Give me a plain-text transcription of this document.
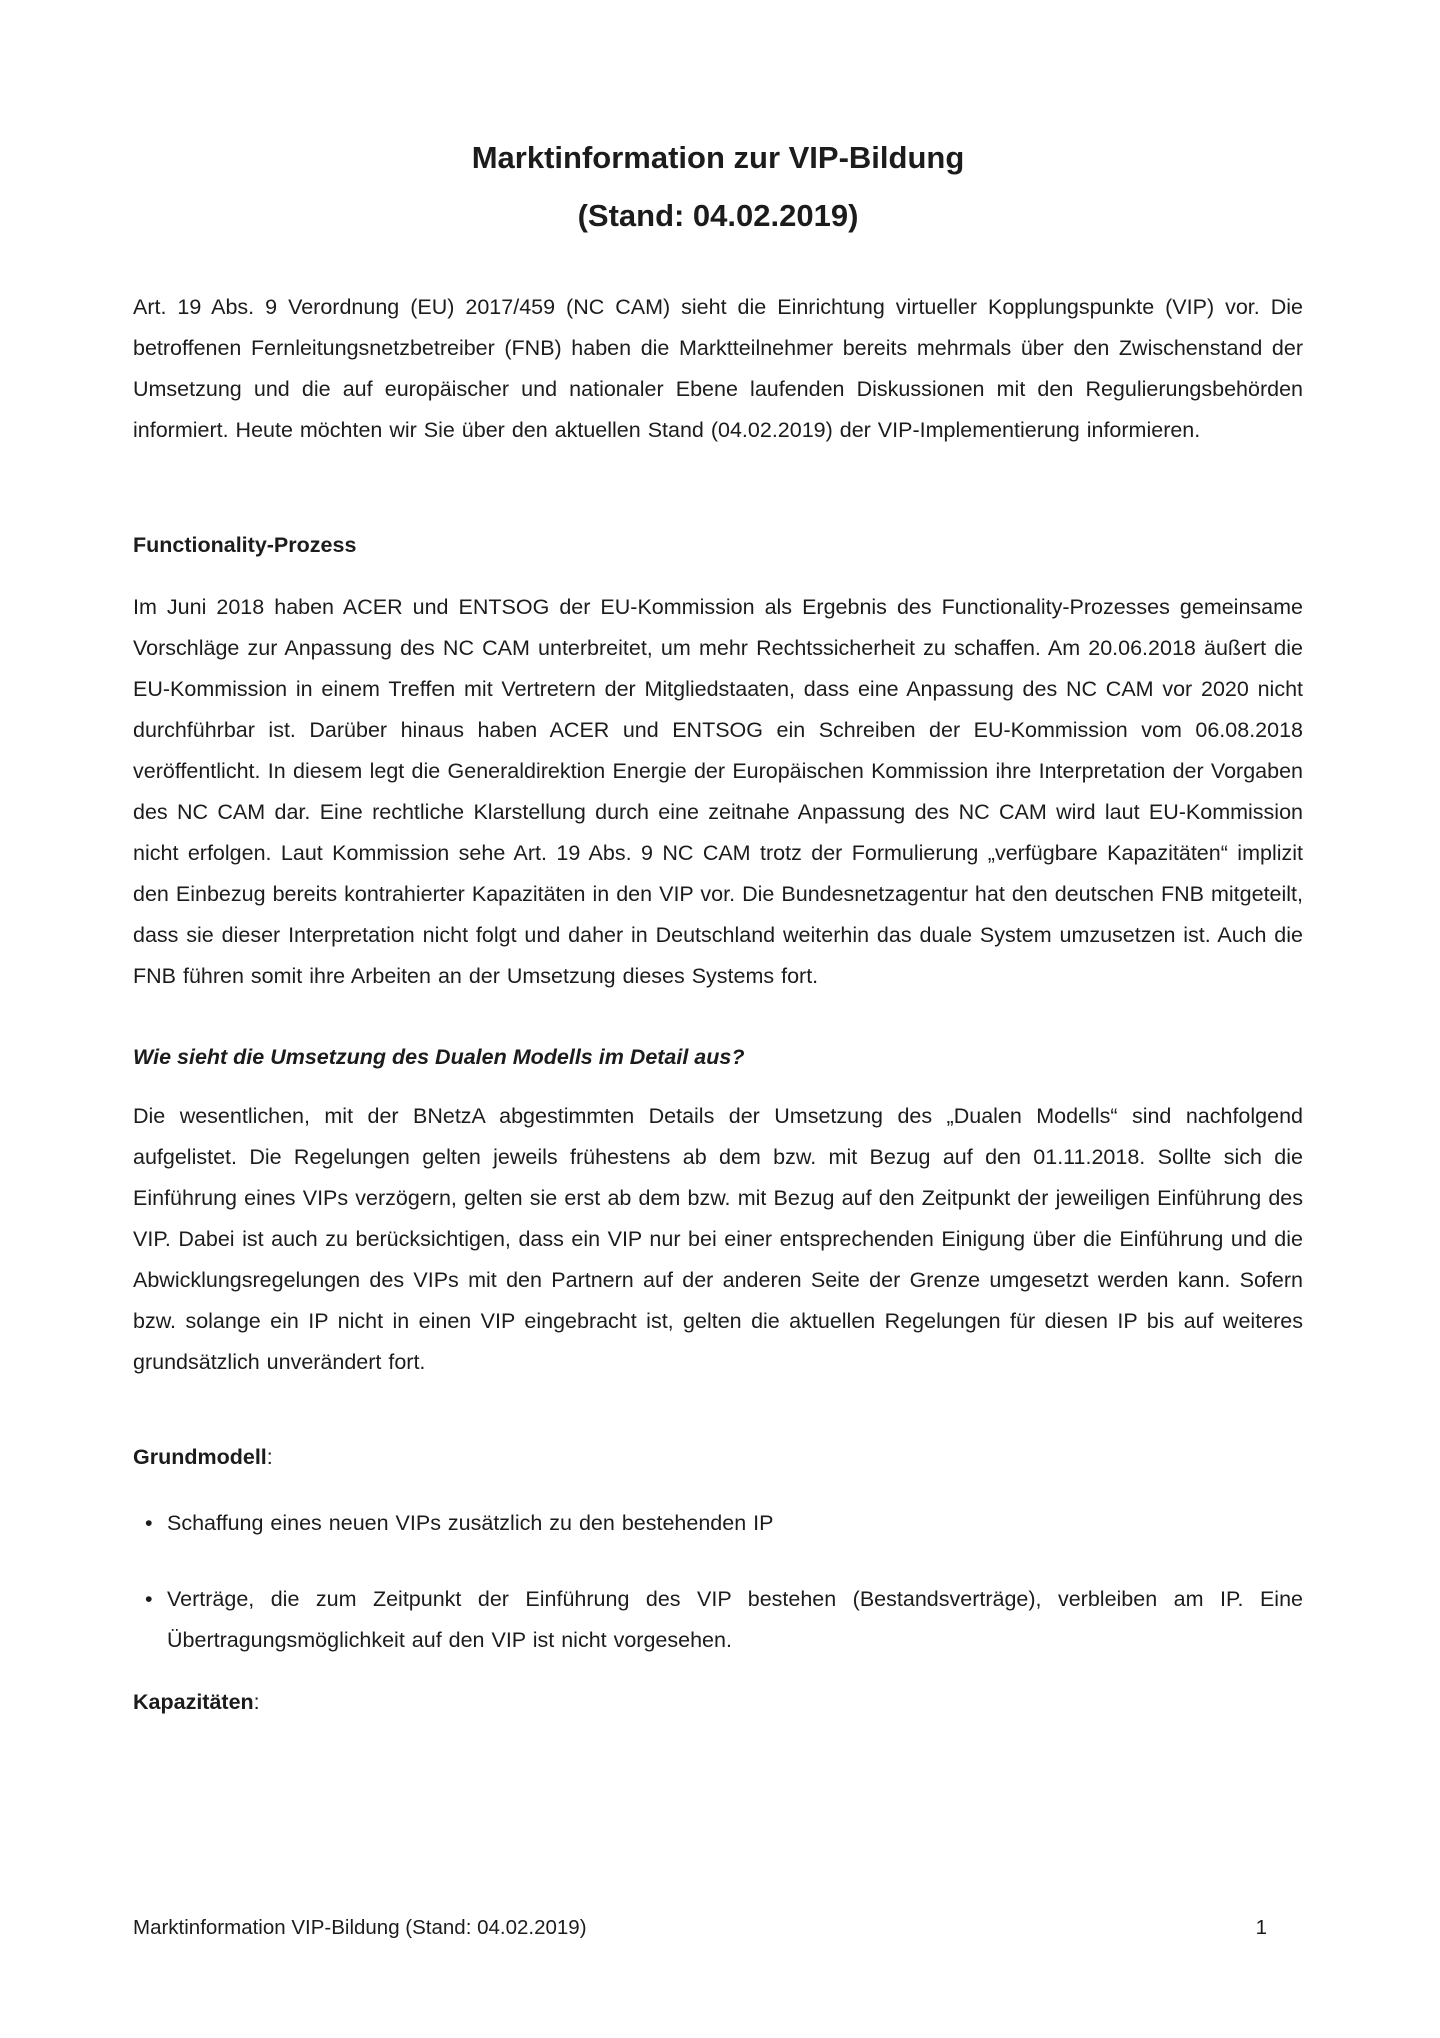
Marktinformation zur VIP-Bildung
(Stand: 04.02.2019)

Art. 19 Abs. 9 Verordnung (EU) 2017/459 (NC CAM) sieht die Einrichtung virtueller Kopplungspunkte (VIP) vor. Die betroffenen Fernleitungsnetzbetreiber (FNB) haben die Marktteilnehmer bereits mehrmals über den Zwischenstand der Umsetzung und die auf europäischer und nationaler Ebene laufenden Diskussionen mit den Regulierungsbehörden informiert. Heute möchten wir Sie über den aktuellen Stand (04.02.2019) der VIP-Implementierung informieren.

Functionality-Prozess

Im Juni 2018 haben ACER und ENTSOG der EU-Kommission als Ergebnis des Functionality-Prozesses gemeinsame Vorschläge zur Anpassung des NC CAM unterbreitet, um mehr Rechtssicherheit zu schaffen. Am 20.06.2018 äußert die EU-Kommission in einem Treffen mit Vertretern der Mitgliedstaaten, dass eine Anpassung des NC CAM vor 2020 nicht durchführbar ist. Darüber hinaus haben ACER und ENTSOG ein Schreiben der EU-Kommission vom 06.08.2018 veröffentlicht. In diesem legt die Generaldirektion Energie der Europäischen Kommission ihre Interpretation der Vorgaben des NC CAM dar. Eine rechtliche Klarstellung durch eine zeitnahe Anpassung des NC CAM wird laut EU-Kommission nicht erfolgen. Laut Kommission sehe Art. 19 Abs. 9 NC CAM trotz der Formulierung „verfügbare Kapazitäten“ implizit den Einbezug bereits kontrahierter Kapazitäten in den VIP vor. Die Bundesnetzagentur hat den deutschen FNB mitgeteilt, dass sie dieser Interpretation nicht folgt und daher in Deutschland weiterhin das duale System umzusetzen ist. Auch die FNB führen somit ihre Arbeiten an der Umsetzung dieses Systems fort.

Wie sieht die Umsetzung des Dualen Modells im Detail aus?

Die wesentlichen, mit der BNetzA abgestimmten Details der Umsetzung des „Dualen Modells“ sind nachfolgend aufgelistet. Die Regelungen gelten jeweils frühestens ab dem bzw. mit Bezug auf den 01.11.2018. Sollte sich die Einführung eines VIPs verzögern, gelten sie erst ab dem bzw. mit Bezug auf den Zeitpunkt der jeweiligen Einführung des VIP. Dabei ist auch zu berücksichtigen, dass ein VIP nur bei einer entsprechenden Einigung über die Einführung und die Abwicklungsregelungen des VIPs mit den Partnern auf der anderen Seite der Grenze umgesetzt werden kann. Sofern bzw. solange ein IP nicht in einen VIP eingebracht ist, gelten die aktuellen Regelungen für diesen IP bis auf weiteres grundsätzlich unverändert fort.

Grundmodell:
• Schaffung eines neuen VIPs zusätzlich zu den bestehenden IP
• Verträge, die zum Zeitpunkt der Einführung des VIP bestehen (Bestandsverträge), verbleiben am IP. Eine Übertragungsmöglichkeit auf den VIP ist nicht vorgesehen.
Kapazitäten:
Marktinformation VIP-Bildung (Stand: 04.02.2019)	1
